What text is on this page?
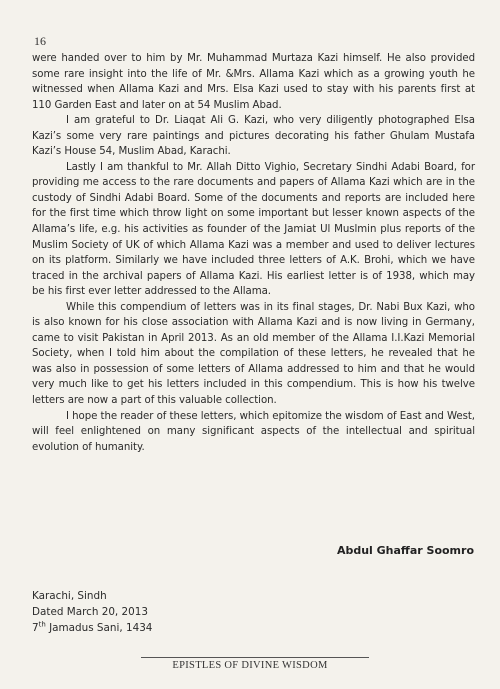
16

were handed over to him by Mr. Muhammad Murtaza Kazi himself. He also provided some rare insight into the life of Mr. &Mrs. Allama Kazi which as a growing youth he witnessed when Allama Kazi and Mrs. Elsa Kazi used to stay with his parents first at 110 Garden East and later on at 54 Muslim Abad.

I am grateful to Dr. Liaqat Ali G. Kazi, who very diligently photographed Elsa Kazi’s some very rare paintings and pictures decorating his father Ghulam Mustafa Kazi’s House 54, Muslim Abad, Karachi.

Lastly I am thankful to Mr. Allah Ditto Vighio, Secretary Sindhi Adabi Board, for providing me access to the rare documents and papers of Allama Kazi which are in the custody of Sindhi Adabi Board. Some of the documents and reports are included here for the first time which throw light on some important but lesser known aspects of the Allama’s life, e.g. his activities as founder of the Jamiat Ul Muslmin plus reports of the Muslim Society of UK of which Allama Kazi was a member and used to deliver lectures on its platform. Similarly we have included three letters of A.K. Brohi, which we have traced in the archival papers of Allama Kazi. His earliest letter is of 1938, which may be his first ever letter addressed to the Allama.

While this compendium of letters was in its final stages, Dr. Nabi Bux Kazi, who is also known for his close association with Allama Kazi and is now living in Germany, came to visit Pakistan in April 2013. As an old member of the Allama I.I.Kazi Memorial Society, when I told him about the compilation of these letters, he revealed that he was also in possession of some letters of Allama addressed to him and that he would very much like to get his letters included in this compendium. This is how his twelve letters are now a part of this valuable collection.

I hope the reader of these letters, which epitomize the wisdom of East and West, will feel enlightened on many significant aspects of the intellectual and spiritual evolution of humanity.

Abdul Ghaffar Soomro
Karachi, Sindh
Dated March 20, 2013
7th Jamadus Sani, 1434
EPISTLES OF DIVINE WISDOM
